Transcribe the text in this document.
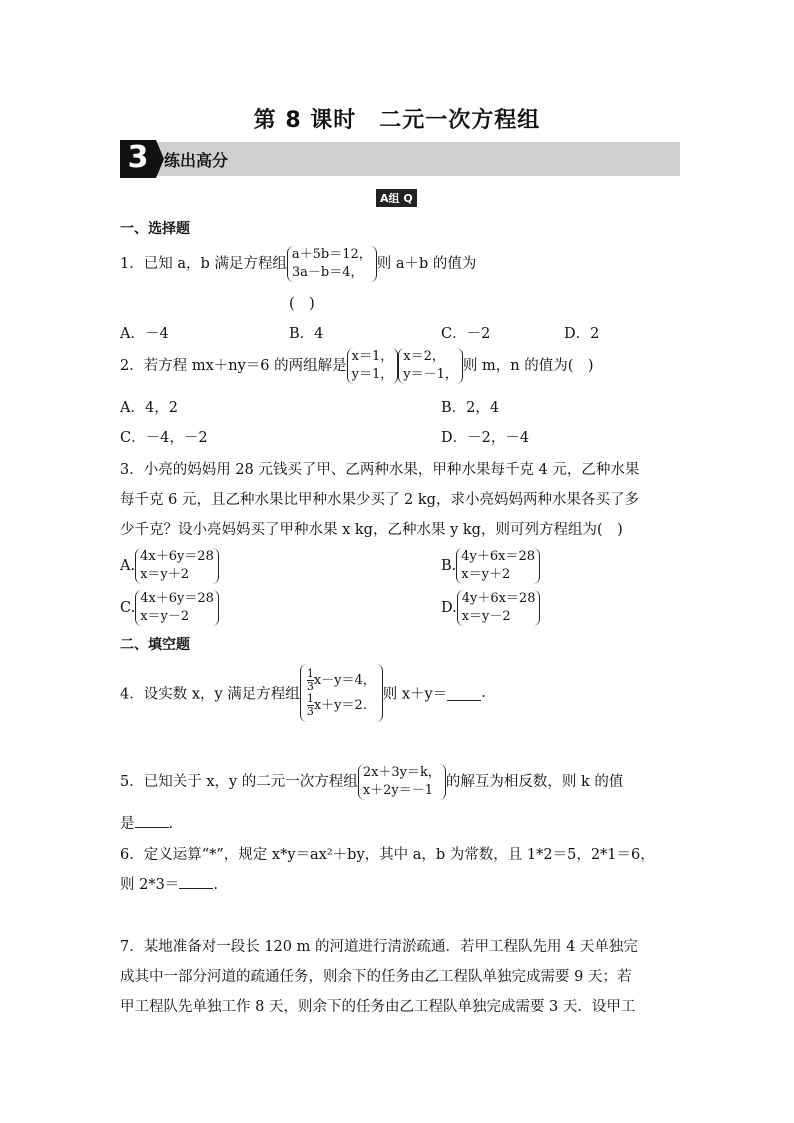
第 8 课时　二元一次方程组
3 练出高分
A组 Q
一、选择题
1．已知 a，b 满足方程组a＋5b＝12，
3a－b＝4，则 a＋b 的值为
(　)
A．－4	B．4	C．－2	D．2
2．若方程 mx＋ny＝6 的两组解是x＝1，
y＝1，x＝2，
y＝－1，则 m，n 的值为(　)
A．4，2	B．2，4
C．－4，－2	D．－2，－4
3．小亮的妈妈用 28 元钱买了甲、乙两种水果，甲种水果每千克 4 元，乙种水果
每千克 6 元，且乙种水果比甲种水果少买了 2 kg，求小亮妈妈两种水果各买了多
少千克？设小亮妈妈买了甲种水果 x kg，乙种水果 y kg，则可列方程组为(　)
A.4x＋6y＝28
x＝y＋2
B.4y＋6x＝28
x＝y＋2
C.4x＋6y＝28
x＝y－2
D.4y＋6x＝28
x＝y－2
二、填空题
4．设实数 x，y 满足方程组
$\frac{1}{3} x-y=4$，

$\frac{1}{3} x+y=2$.则 x＋y＝ .
5．已知关于 x，y 的二元一次方程组2x＋3y＝k，
x＋2y＝－1的解互为相反数，则 k 的值
是 .
6．定义运算“*”，规定 x*y＝ax²＋by，其中 a，b 为常数，且 1*2＝5，2*1＝6，
则 2*3＝ .
7．某地准备对一段长 120 m 的河道进行清淤疏通．若甲工程队先用 4 天单独完
成其中一部分河道的疏通任务，则余下的任务由乙工程队单独完成需要 9 天；若
甲工程队先单独工作 8 天，则余下的任务由乙工程队单独完成需要 3 天．设甲工
